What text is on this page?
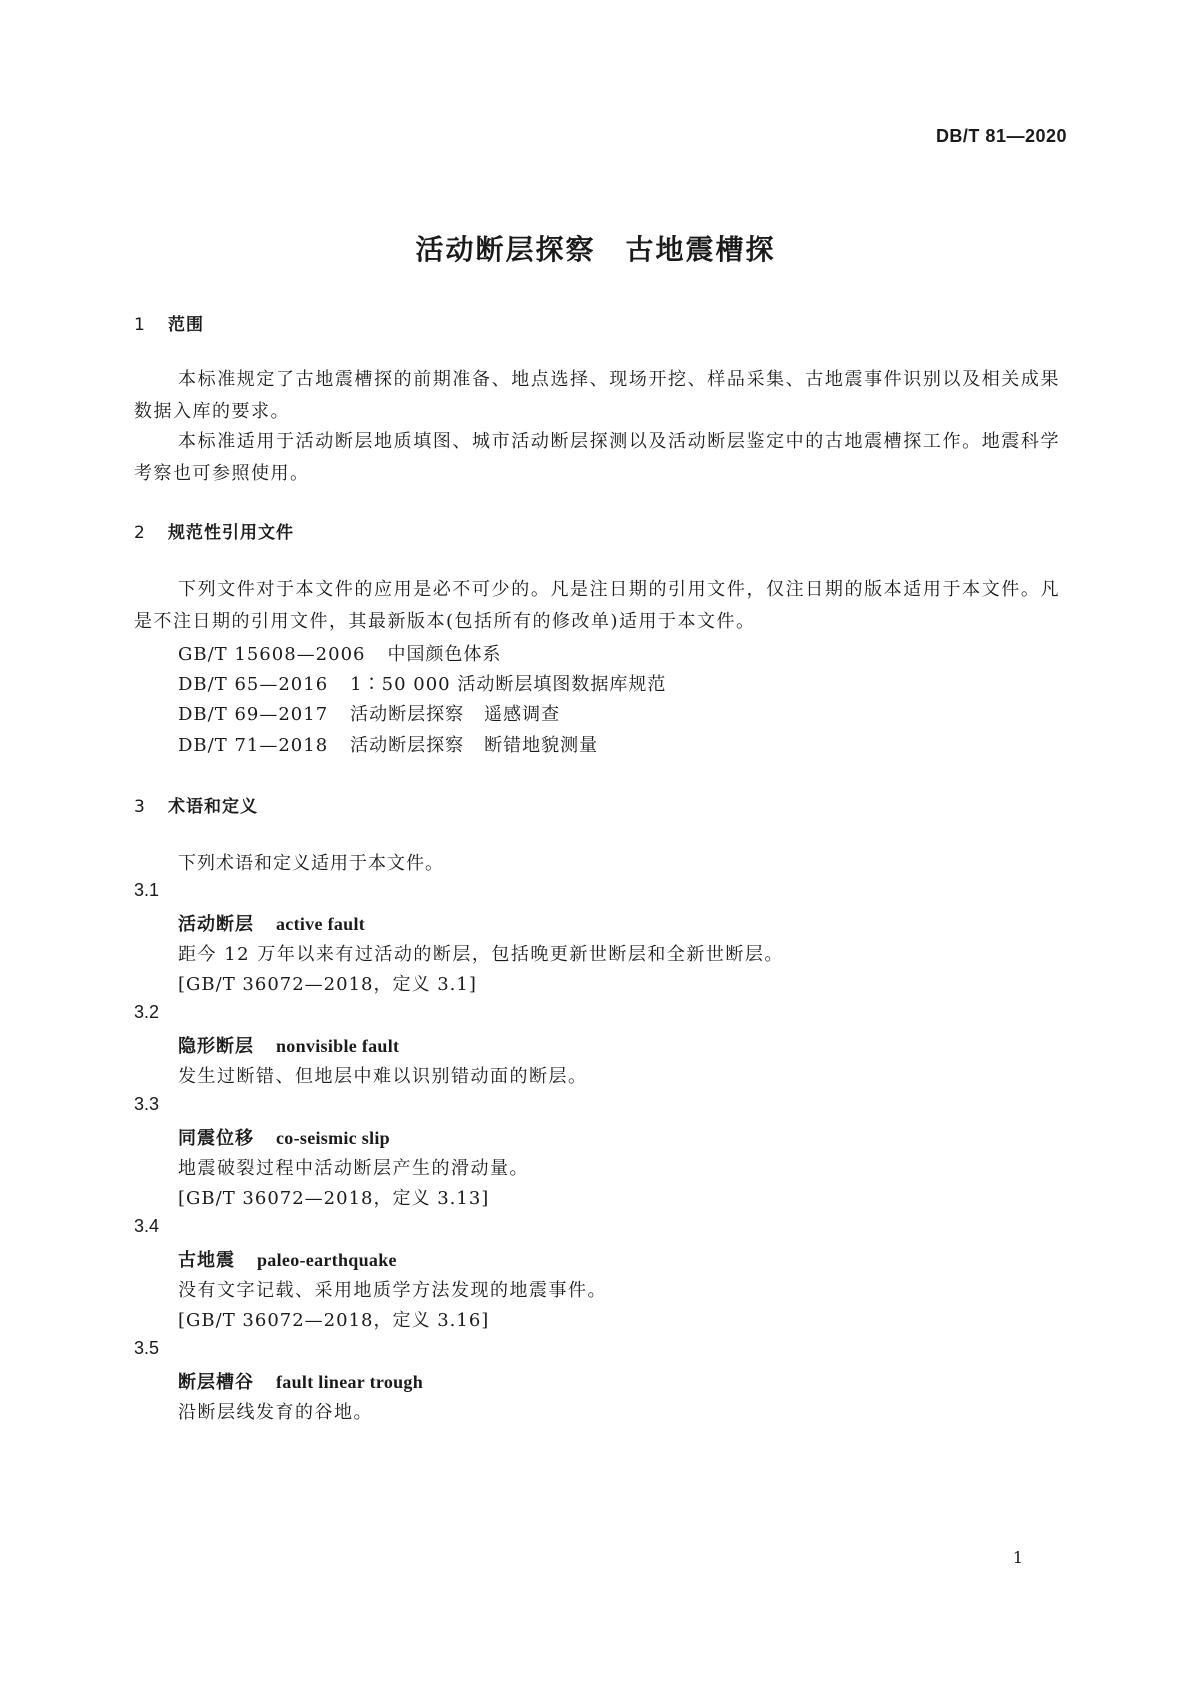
DB/T 81—2020
活动断层探察　古地震槽探
1 范围
本标准规定了古地震槽探的前期准备、地点选择、现场开挖、样品采集、古地震事件识别以及相关成果数据入库的要求。
本标准适用于活动断层地质填图、城市活动断层探测以及活动断层鉴定中的古地震槽探工作。地震科学考察也可参照使用。
2 规范性引用文件
下列文件对于本文件的应用是必不可少的。凡是注日期的引用文件，仅注日期的版本适用于本文件。凡是不注日期的引用文件，其最新版本(包括所有的修改单)适用于本文件。
GB/T 15608—2006 中国颜色体系
DB/T 65—2016 1∶50 000 活动断层填图数据库规范
DB/T 69—2017 活动断层探察 遥感调查
DB/T 71—2018 活动断层探察 断错地貌测量
3 术语和定义
下列术语和定义适用于本文件。
3.1
活动断层 active fault
距今 12 万年以来有过活动的断层，包括晚更新世断层和全新世断层。
[GB/T 36072—2018，定义 3.1]
3.2
隐形断层 nonvisible fault
发生过断错、但地层中难以识别错动面的断层。
3.3
同震位移 co-seismic slip
地震破裂过程中活动断层产生的滑动量。
[GB/T 36072—2018，定义 3.13]
3.4
古地震 paleo-earthquake
没有文字记载、采用地质学方法发现的地震事件。
[GB/T 36072—2018，定义 3.16]
3.5
断层槽谷 fault linear trough
沿断层线发育的谷地。
1
